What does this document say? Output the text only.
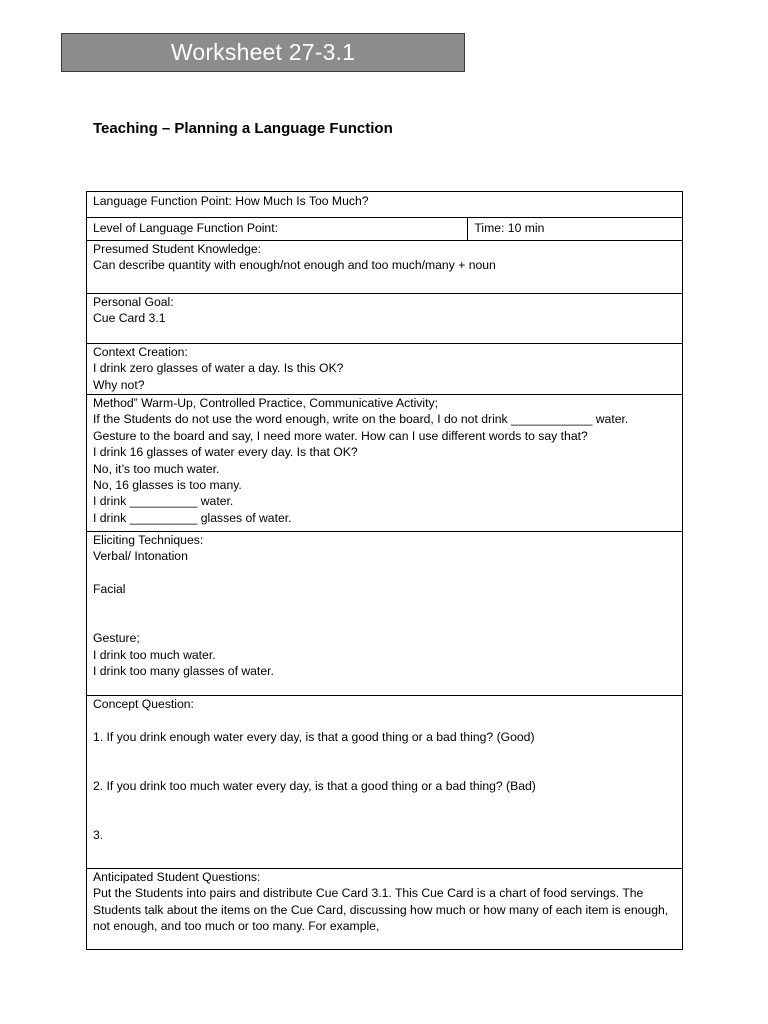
Worksheet 27-3.1
Teaching – Planning a Language Function
Language Function Point: How Much Is Too Much?

Level of Language Function Point:	Time: 10 min

Presumed Student Knowledge:
Can describe quantity with enough/not enough and too much/many + noun

Personal Goal:
Cue Card 3.1

Context Creation:
I drink zero glasses of water a day. Is this OK?
Why not?

Method” Warm-Up, Controlled Practice, Communicative Activity;
If the Students do not use the word enough, write on the board, I do not drink ____________ water.
Gesture to the board and say, I need more water. How can I use different words to say that?
I drink 16 glasses of water every day. Is that OK?
No, it’s too much water.
No, 16 glasses is too many.
I drink __________ water.
I drink __________ glasses of water.

Eliciting Techniques:
Verbal/ Intonation
Facial
Gesture;
I drink too much water.
I drink too many glasses of water.

Concept Question:
1. If you drink enough water every day, is that a good thing or a bad thing? (Good)
2. If you drink too much water every day, is that a good thing or a bad thing? (Bad)
3.

Anticipated Student Questions:
Put the Students into pairs and distribute Cue Card 3.1. This Cue Card is a chart of food servings. The Students talk about the items on the Cue Card, discussing how much or how many of each item is enough, not enough, and too much or too many. For example,
